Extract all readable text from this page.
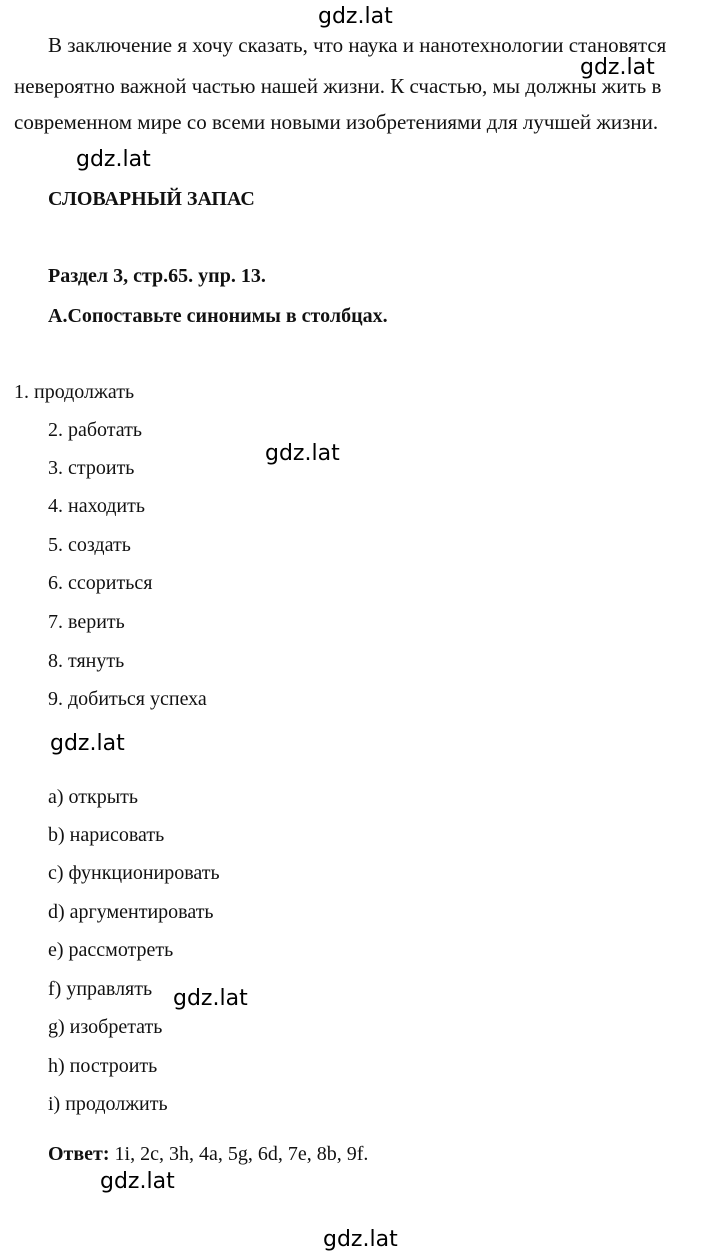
В заключение я хочу сказать, что наука и нанотехнологии становятся
невероятно важной частью нашей жизни. К счастью, мы должны жить в
современном мире со всеми новыми изобретениями для лучшей жизни.
СЛОВАРНЫЙ ЗАПАС
Раздел 3, стр.65. упр. 13.
А.Сопоставьте синонимы в столбцах.
1. продолжать
2. работать
3. строить
4. находить
5. создать
6. ссориться
7. верить
8. тянуть
9. добиться успеха
a) открыть
b) нарисовать
c) функционировать
d) аргументировать
e) рассмотреть
f) управлять
g) изобретать
h) построить
i) продолжить
Ответ: 1i, 2c, 3h, 4a, 5g, 6d, 7e, 8b, 9f.
gdz.lat
gdz.lat
gdz.lat
gdz.lat
gdz.lat
gdz.lat
gdz.lat
gdz.lat
